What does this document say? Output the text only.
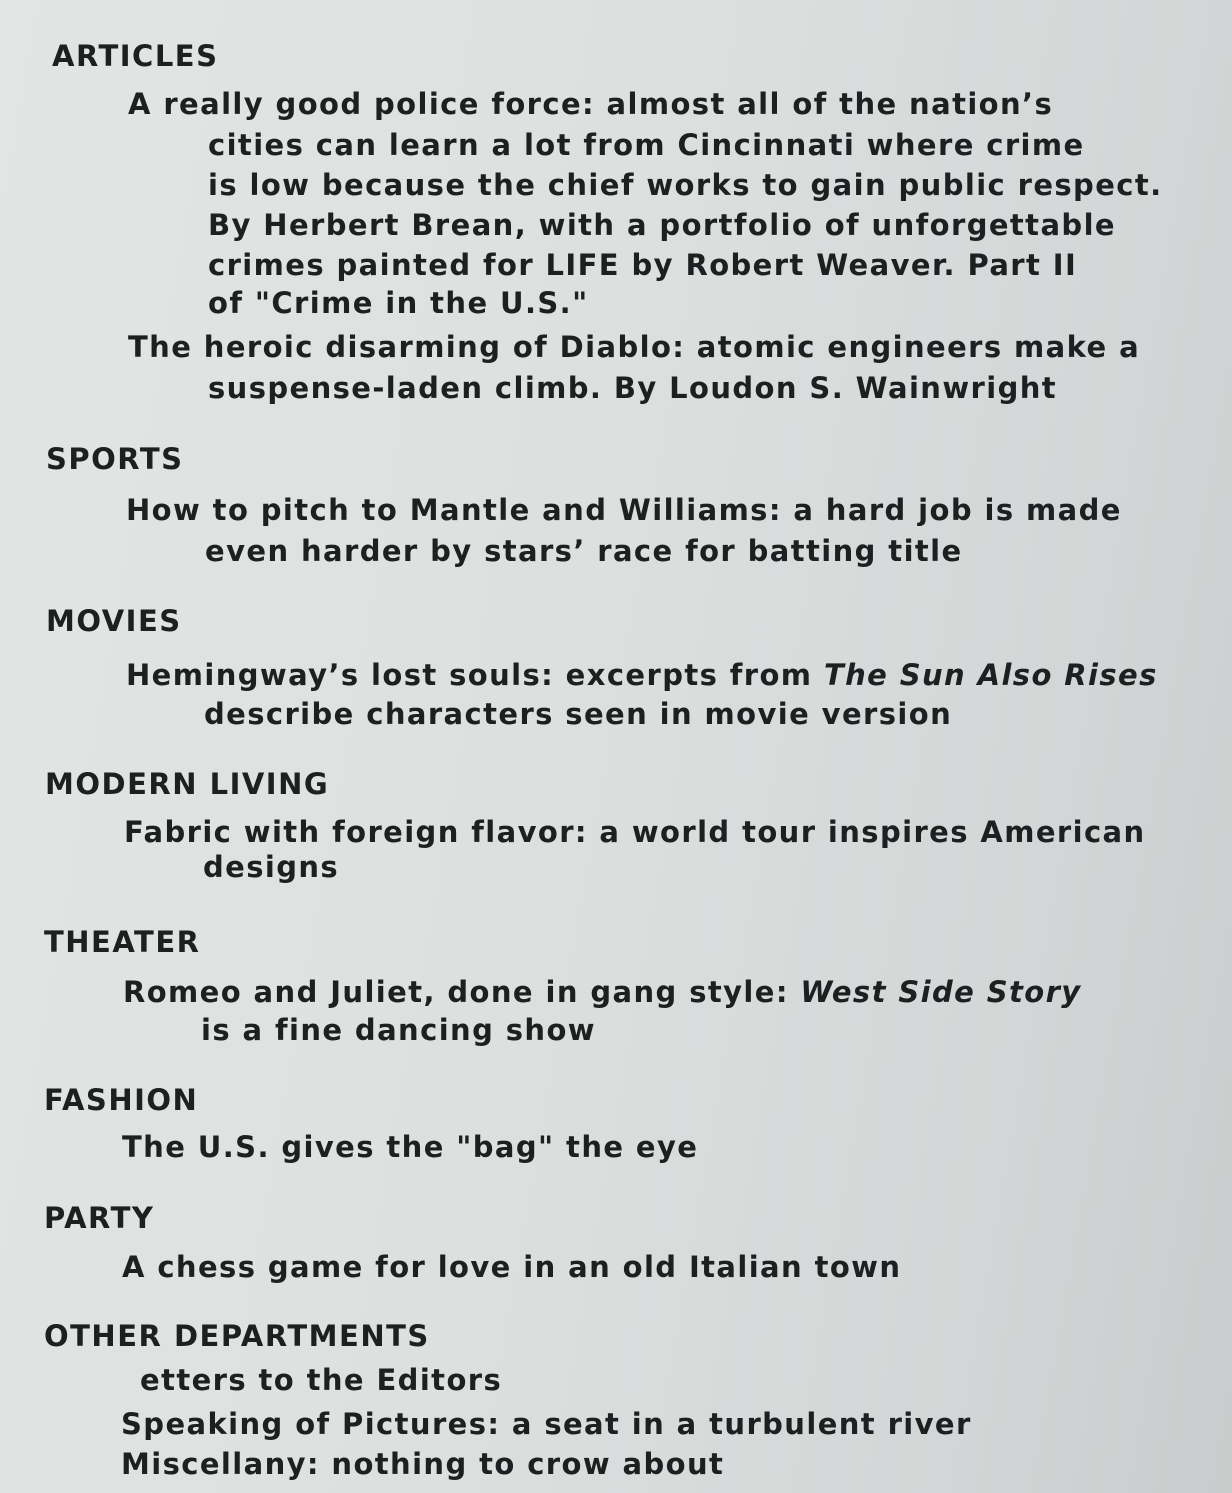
ARTICLES
A really good police force: almost all of the nation’s
cities can learn a lot from Cincinnati where crime
is low because the chief works to gain public respect.
By Herbert Brean, with a portfolio of unforgettable
crimes painted for LIFE by Robert Weaver. Part II
of "Crime in the U.S."
The heroic disarming of Diablo: atomic engineers make a
suspense-laden climb. By Loudon S. Wainwright
SPORTS
How to pitch to Mantle and Williams: a hard job is made
even harder by stars’ race for batting title
MOVIES
Hemingway’s lost souls: excerpts from The Sun Also Rises
describe characters seen in movie version
MODERN LIVING
Fabric with foreign flavor: a world tour inspires American
designs
THEATER
Romeo and Juliet, done in gang style: West Side Story
is a fine dancing show
FASHION
The U.S. gives the "bag" the eye
PARTY
A chess game for love in an old Italian town
OTHER DEPARTMENTS
etters to the Editors
Speaking of Pictures: a seat in a turbulent river
Miscellany: nothing to crow about
